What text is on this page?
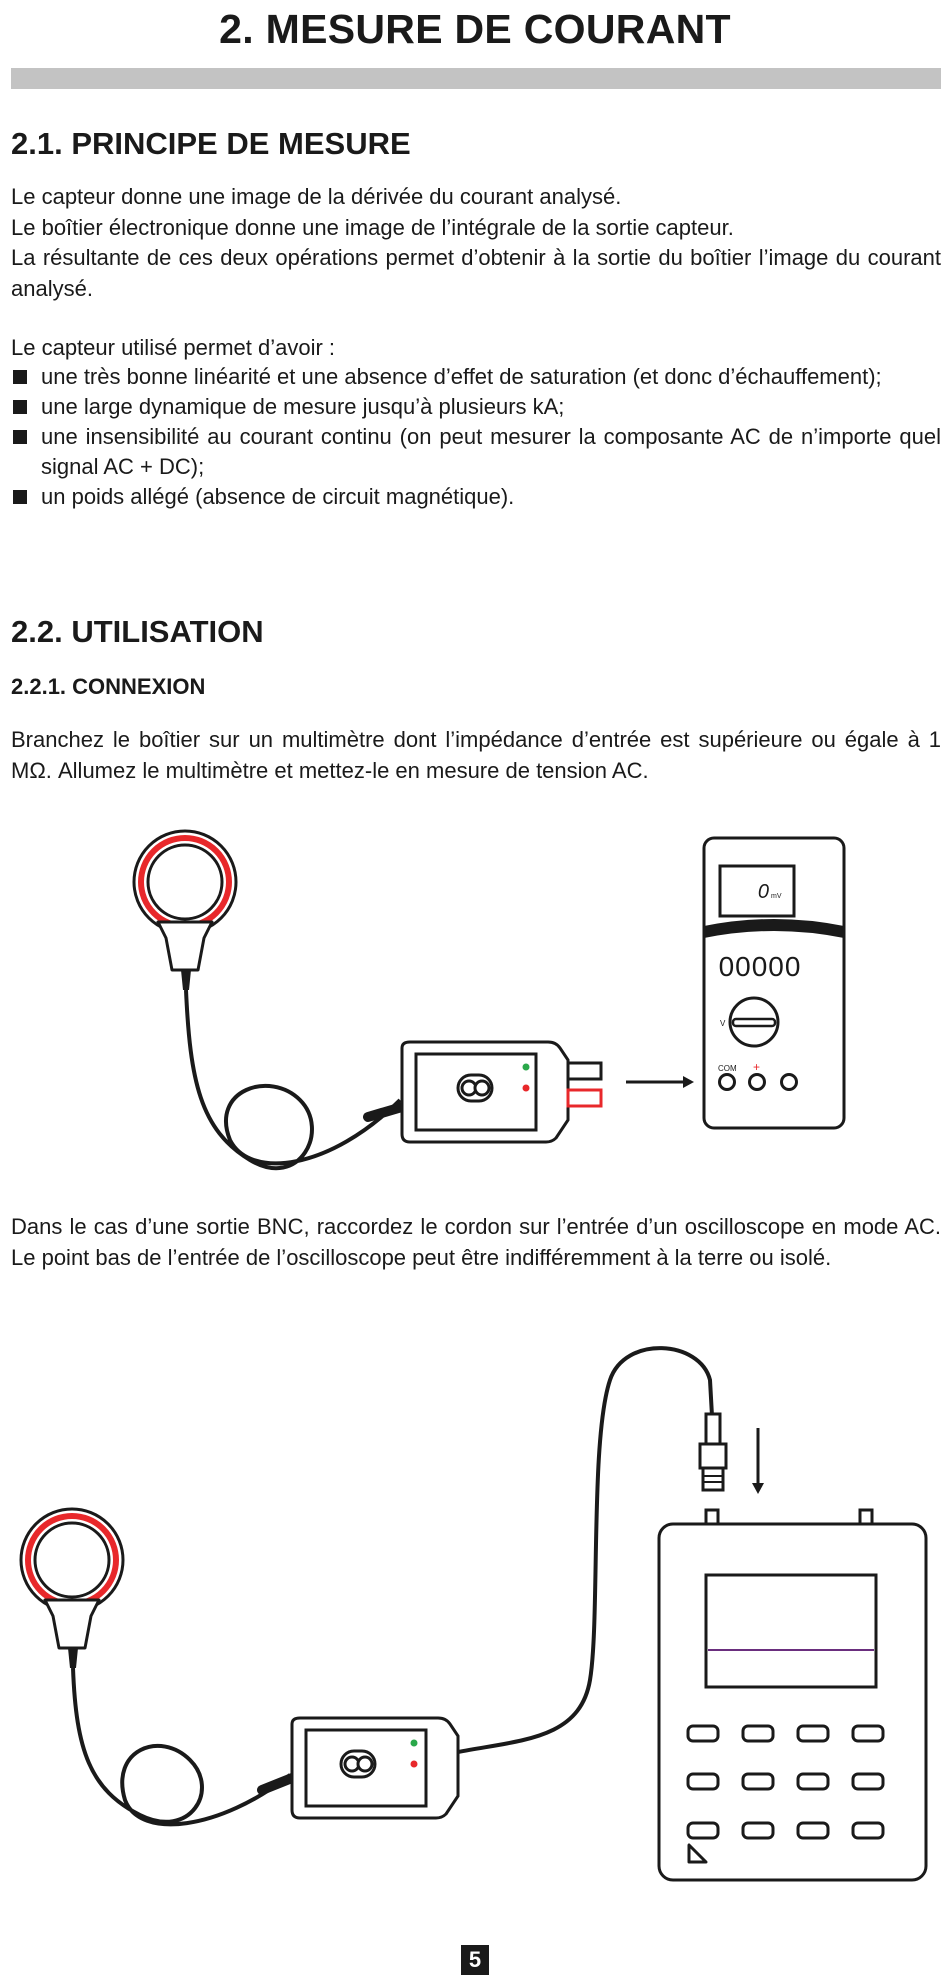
2. MESURE DE COURANT
2.1. PRINCIPE DE MESURE

Le capteur donne une image de la dérivée du courant analysé.

Le boîtier électronique donne une image de l’intégrale de la sortie capteur.

La résultante de ces deux opérations permet d’obtenir à la sortie du boîtier l’image du courant analysé.

Le capteur utilisé permet d’avoir :
une très bonne linéarité et une absence d’effet de saturation (et donc d’échauffement);
une large dynamique de mesure jusqu’à plusieurs kA;
une insensibilité au courant continu (on peut mesurer la composante AC de n’importe quel signal AC + DC);
un poids allégé (absence de circuit magnétique).
2.2. UTILISATION
2.2.1. CONNEXION
Branchez le boîtier sur un multimètre dont l’impédance d’entrée est supérieure ou égale à 1 MΩ. Allumez le multimètre et mettez-le en mesure de tension AC.
0 mV
00000
V
COM +
Dans le cas d’une sortie BNC, raccordez le cordon sur l’entrée d’un oscilloscope en mode AC. Le point bas de l’entrée de l’oscilloscope peut être indifféremment à la terre ou isolé.
5
